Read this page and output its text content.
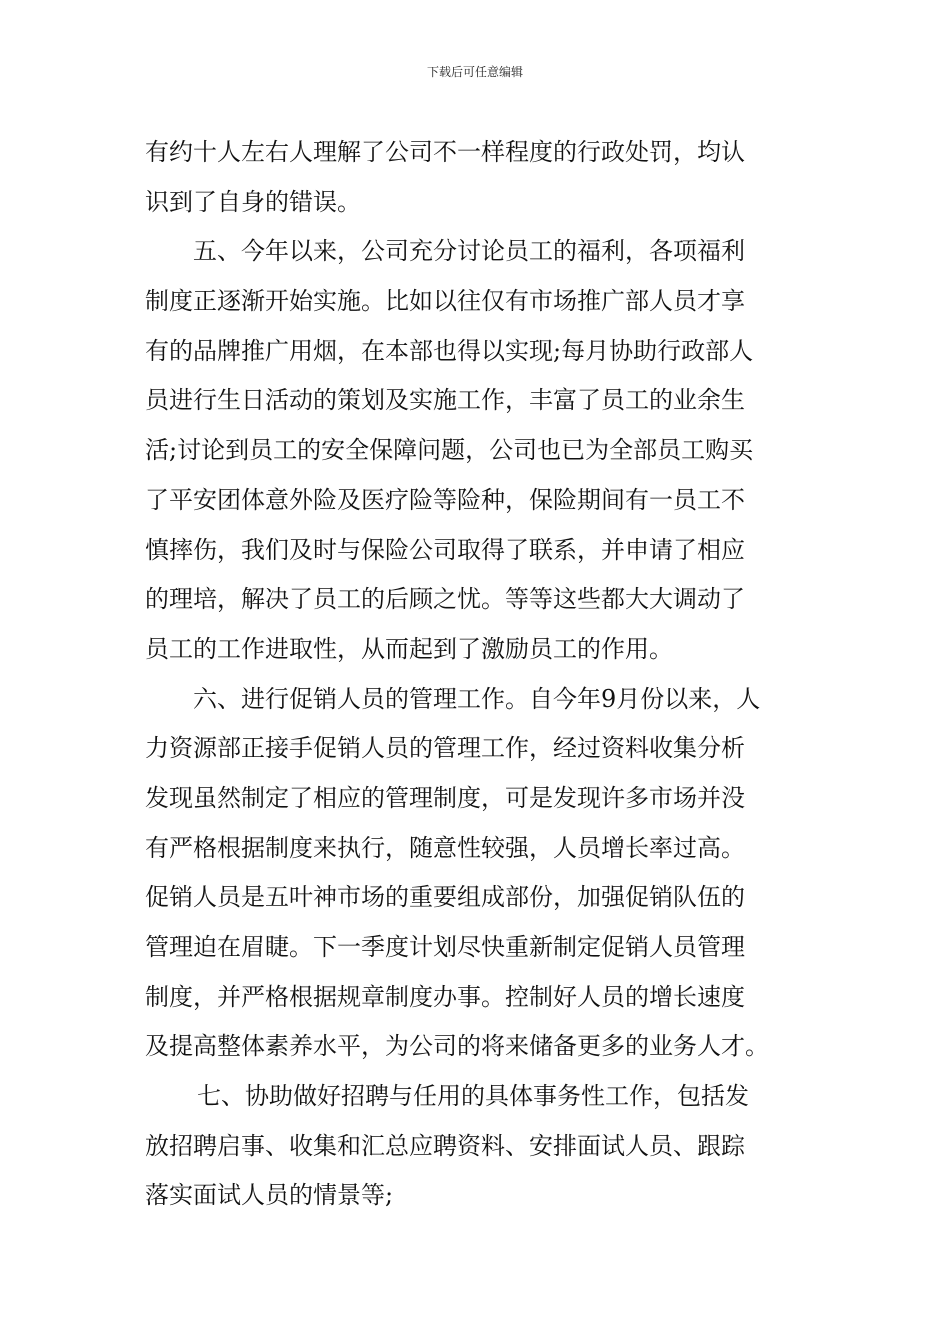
下载后可任意编辑
有约十人左右人理解了公司不一样程度的行政处罚，均认
识到了自身的错误。
五、今年以来，公司充分讨论员工的福利，各项福利
制度正逐渐开始实施。比如以往仅有市场推广部人员才享
有的品牌推广用烟，在本部也得以实现;每月协助行政部人
员进行生日活动的策划及实施工作，丰富了员工的业余生
活;讨论到员工的安全保障问题，公司也已为全部员工购买
了平安团体意外险及医疗险等险种，保险期间有一员工不
慎摔伤，我们及时与保险公司取得了联系，并申请了相应
的理培，解决了员工的后顾之忧。等等这些都大大调动了
员工的工作进取性，从而起到了激励员工的作用。
六、进行促销人员的管理工作。自今年9月份以来，人
力资源部正接手促销人员的管理工作，经过资料收集分析
发现虽然制定了相应的管理制度，可是发现许多市场并没
有严格根据制度来执行，随意性较强，人员增长率过高。
促销人员是五叶神市场的重要组成部份，加强促销队伍的
管理迫在眉睫。下一季度计划尽快重新制定促销人员管理
制度，并严格根据规章制度办事。控制好人员的增长速度
及提高整体素养水平，为公司的将来储备更多的业务人才。
七、协助做好招聘与任用的具体事务性工作，包括发
放招聘启事、收集和汇总应聘资料、安排面试人员、跟踪
落实面试人员的情景等;
